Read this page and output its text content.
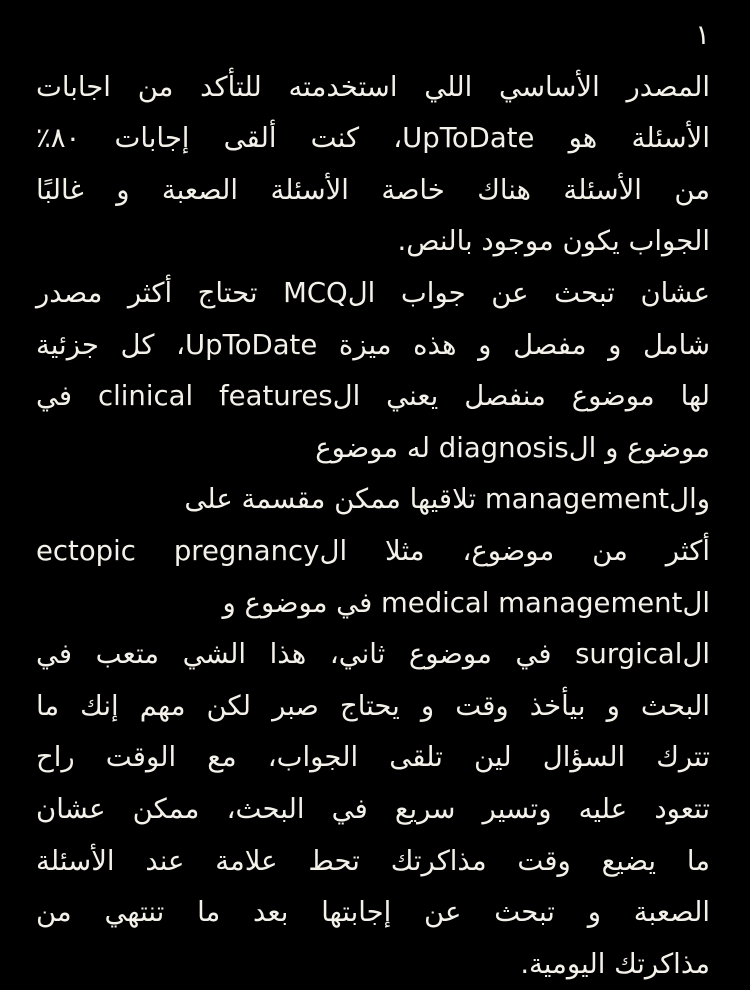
١
المصدر الأساسي اللي استخدمته للتأكد من اجابات
الأسئلة هو UpToDate، كنت ألقى إجابات ٨٠٪
من الأسئلة هناك خاصة الأسئلة الصعبة و غالبًا
الجواب يكون موجود بالنص.
عشان تبحث عن جواب الMCQ تحتاج أكثر مصدر
شامل و مفصل و هذه ميزة UpToDate، كل جزئية
لها موضوع منفصل يعني الclinical features في
موضوع و الdiagnosis له موضوع
والmanagement تلاقيها ممكن مقسمة على
أكثر من موضوع، مثلا الectopic pregnancy
الmedical management في موضوع و
الsurgical في موضوع ثاني، هذا الشي متعب في
البحث و بيأخذ وقت و يحتاج صبر لكن مهم إنك ما
تترك السؤال لين تلقى الجواب، مع الوقت راح
تتعود عليه وتسير سريع في البحث، ممكن عشان
ما يضيع وقت مذاكرتك تحط علامة عند الأسئلة
الصعبة و تبحث عن إجابتها بعد ما تنتهي من
مذاكرتك اليومية.
